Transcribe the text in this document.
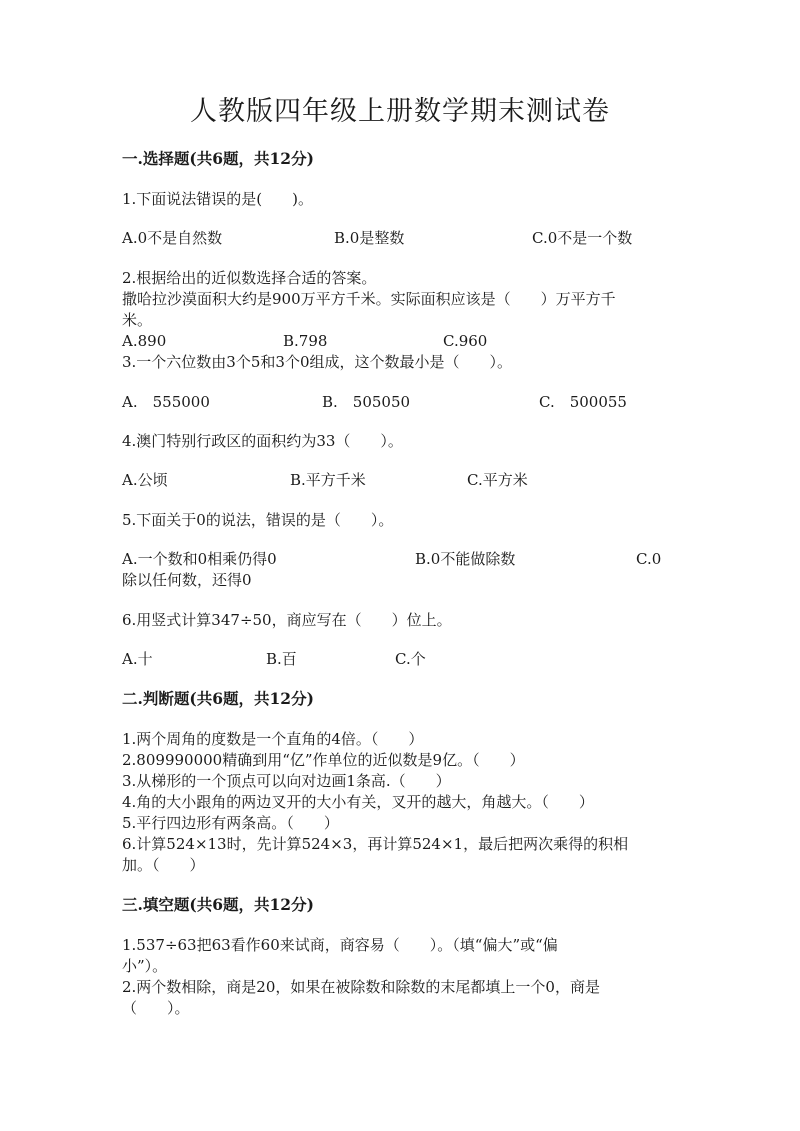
人教版四年级上册数学期末测试卷
一.选择题(共6题，共12分)
1.下面说法错误的是(　　)。
A.0不是自然数	B.0是整数	C.0不是一个数
2.根据给出的近似数选择合适的答案。
撒哈拉沙漠面积大约是900万平方千米。实际面积应该是（　　）万平方千
米。
A.890	B.798	C.960
3.一个六位数由3个5和3个0组成，这个数最小是（　　）。
A.　555000	B.　505050	C.　500055
4.澳门特别行政区的面积约为33（　　）。
A.公顷	B.平方千米	C.平方米
5.下面关于0的说法，错误的是（　　）。
A.一个数和0相乘仍得0	B.0不能做除数	C.0
除以任何数，还得0
6.用竖式计算347÷50，商应写在（　　）位上。
A.十	B.百	C.个
二.判断题(共6题，共12分)
1.两个周角的度数是一个直角的4倍。（　　）
2.809990000精确到用“亿”作单位的近似数是9亿。（　　）
3.从梯形的一个顶点可以向对边画1条高.（　　）
4.角的大小跟角的两边叉开的大小有关，叉开的越大，角越大。（　　）
5.平行四边形有两条高。（　　）
6.计算524×13时，先计算524×3，再计算524×1，最后把两次乘得的积相
加。（　　）
三.填空题(共6题，共12分)
1.537÷63把63看作60来试商，商容易（　　）。（填“偏大”或“偏
小”）。
2.两个数相除，商是20，如果在被除数和除数的末尾都填上一个0，商是
（　　）。
